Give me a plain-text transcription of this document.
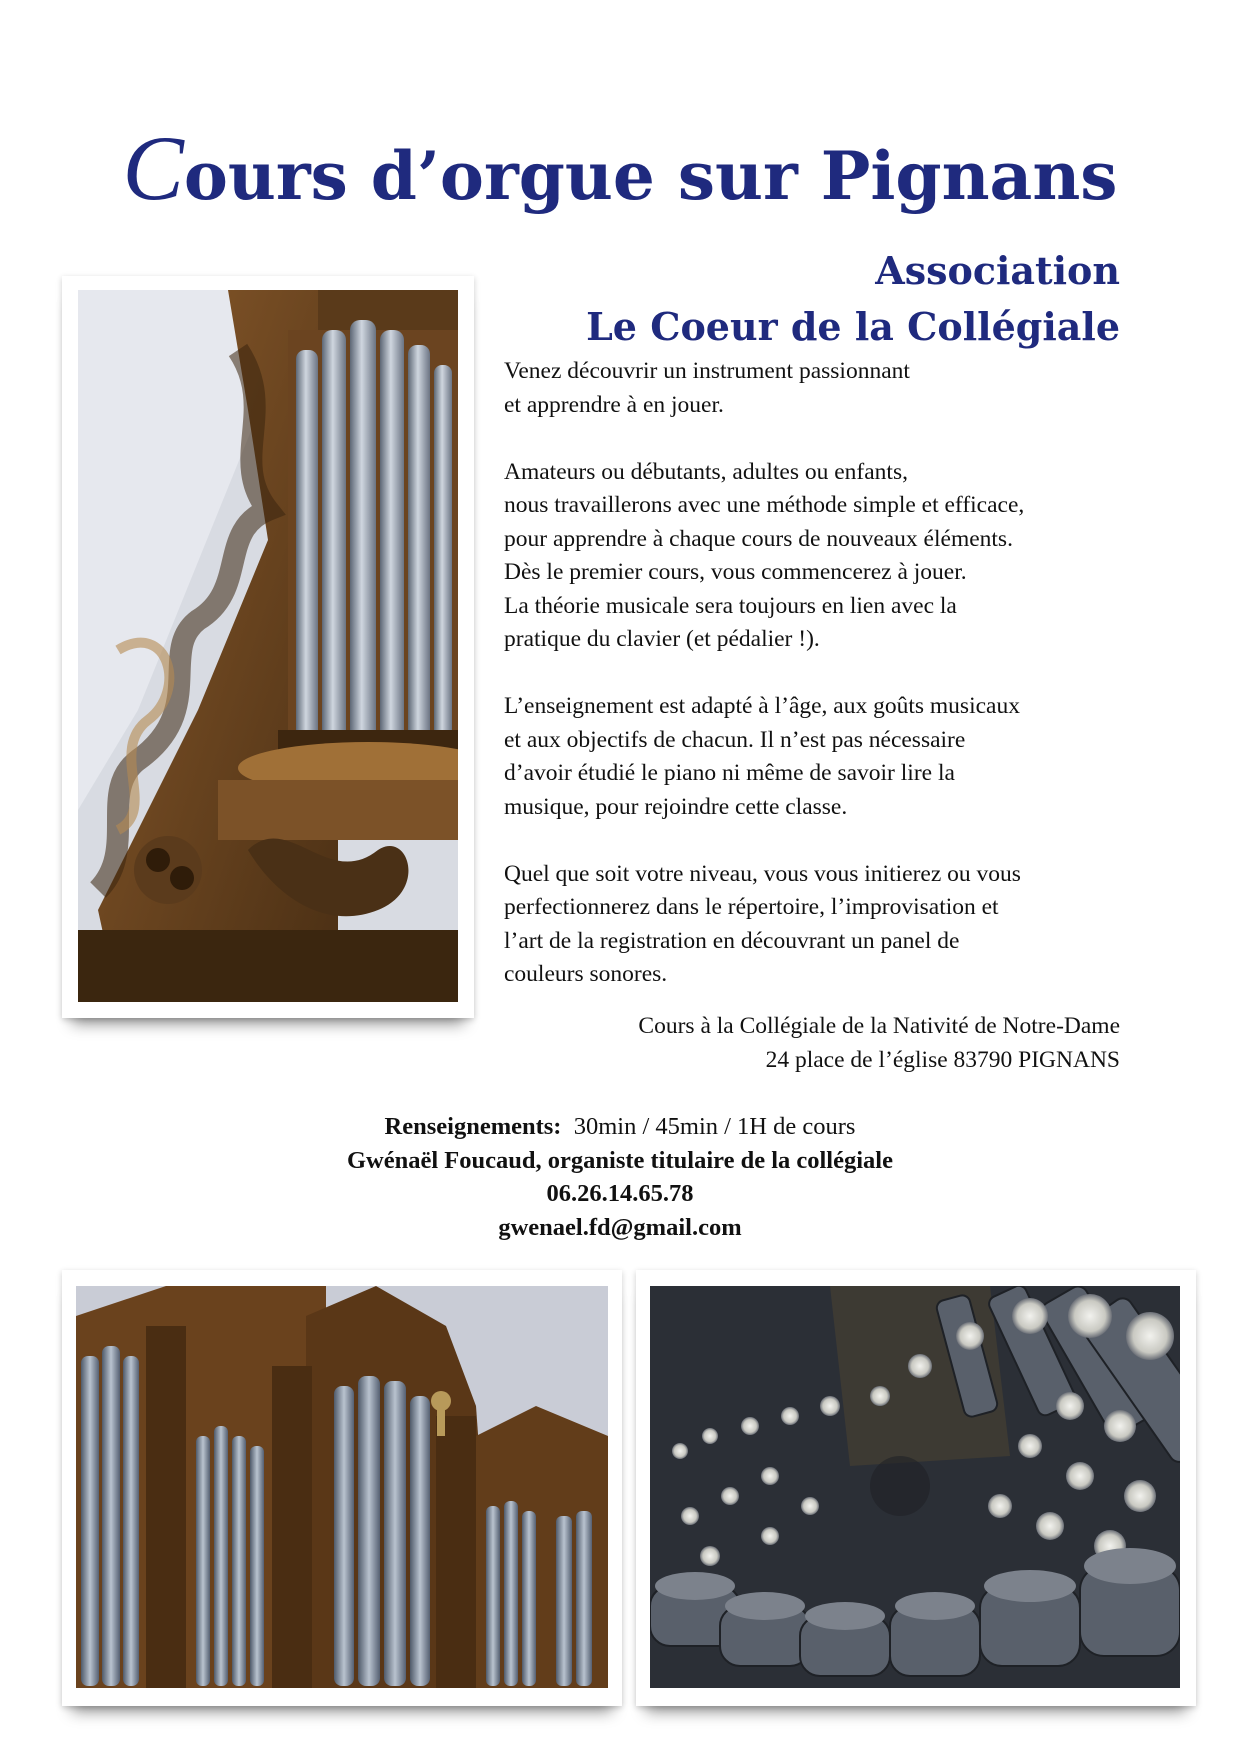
Cours d’orgue sur Pignans
Association
Le Coeur de la Collégiale

Venez découvrir un instrument passionnant
et apprendre à en jouer.

Amateurs ou débutants, adultes ou enfants,
nous travaillerons avec une méthode simple et efficace,
pour apprendre à chaque cours de nouveaux éléments.
Dès le premier cours, vous commencerez à jouer.
La théorie musicale sera toujours en lien avec la
pratique du clavier (et pédalier !).

L’enseignement est adapté à l’âge, aux goûts musicaux
et aux objectifs de chacun. Il n’est pas nécessaire
d’avoir étudié le piano ni même de savoir lire la
musique, pour rejoindre cette classe.

Quel que soit votre niveau, vous vous initierez ou vous
perfectionnerez dans le répertoire, l’improvisation et
l’art de la registration en découvrant un panel de
couleurs sonores.

Cours à la Collégiale de la Nativité de Notre-Dame
24 place de l’église 83790 PIGNANS
Renseignements: 30min / 45min / 1H de cours
Gwénaël Foucaud, organiste titulaire de la collégiale
06.26.14.65.78
gwenael.fd@gmail.com
